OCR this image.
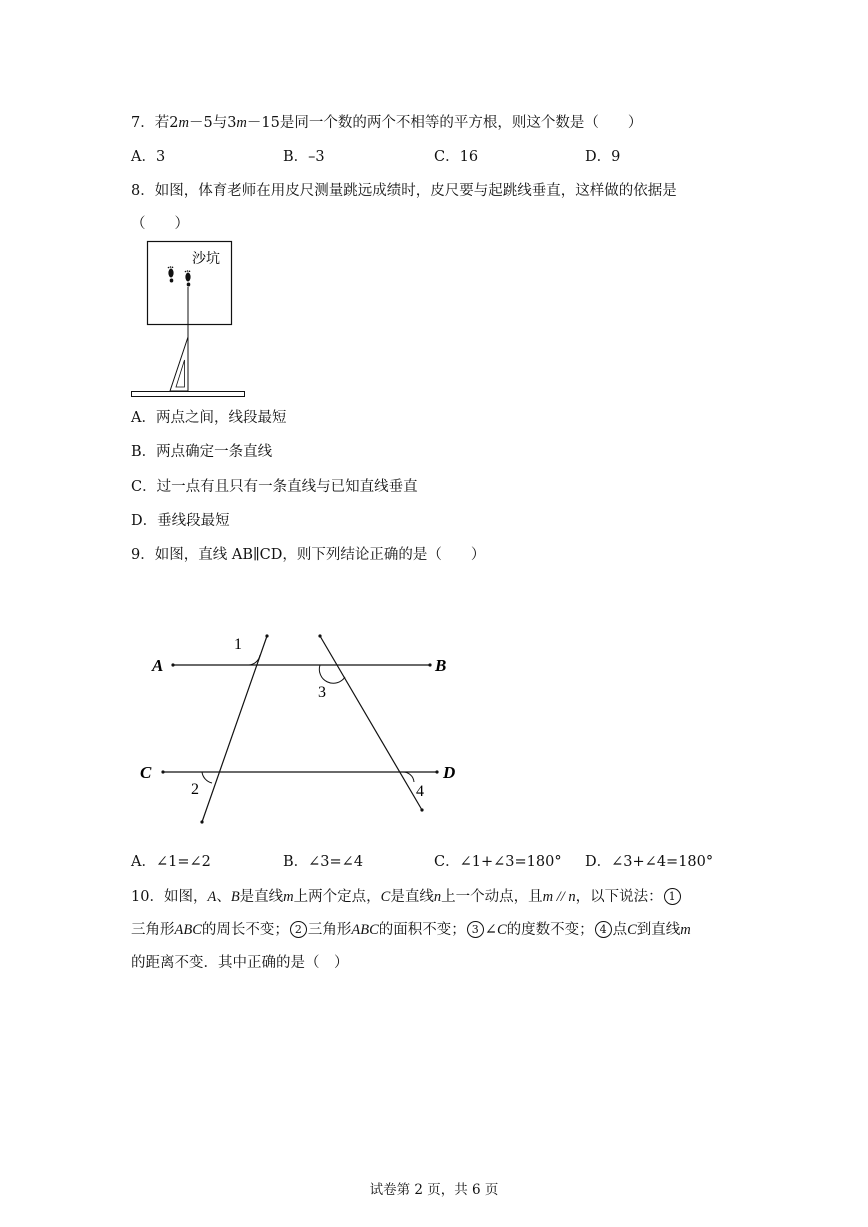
7．若2m－5与3m－15是同一个数的两个不相等的平方根，则这个数是（　　）
A．3	B．–3	C．16	D．9
8．如图，体育老师在用皮尺测量跳远成绩时，皮尺要与起跳线垂直，这样做的依据是
（　　）
沙坑
A．两点之间，线段最短
B．两点确定一条直线
C．过一点有且只有一条直线与已知直线垂直
D．垂线段最短
9．如图，直线 AB∥CD，则下列结论正确的是（　　）
A	B
C	D
1
3
2	4
A．∠1=∠2	B．∠3=∠4	C．∠1+∠3=180° D．∠3+∠4=180°
10．如图，A、B是直线m上两个定点，C是直线n上一个动点，且m // n，以下说法： 1
三角形ABC的周长不变； 2 三角形ABC的面积不变； 3 ∠C的度数不变； 4 点C到直线m
的距离不变．其中正确的是（　）
试卷第 2 页，共 6 页
